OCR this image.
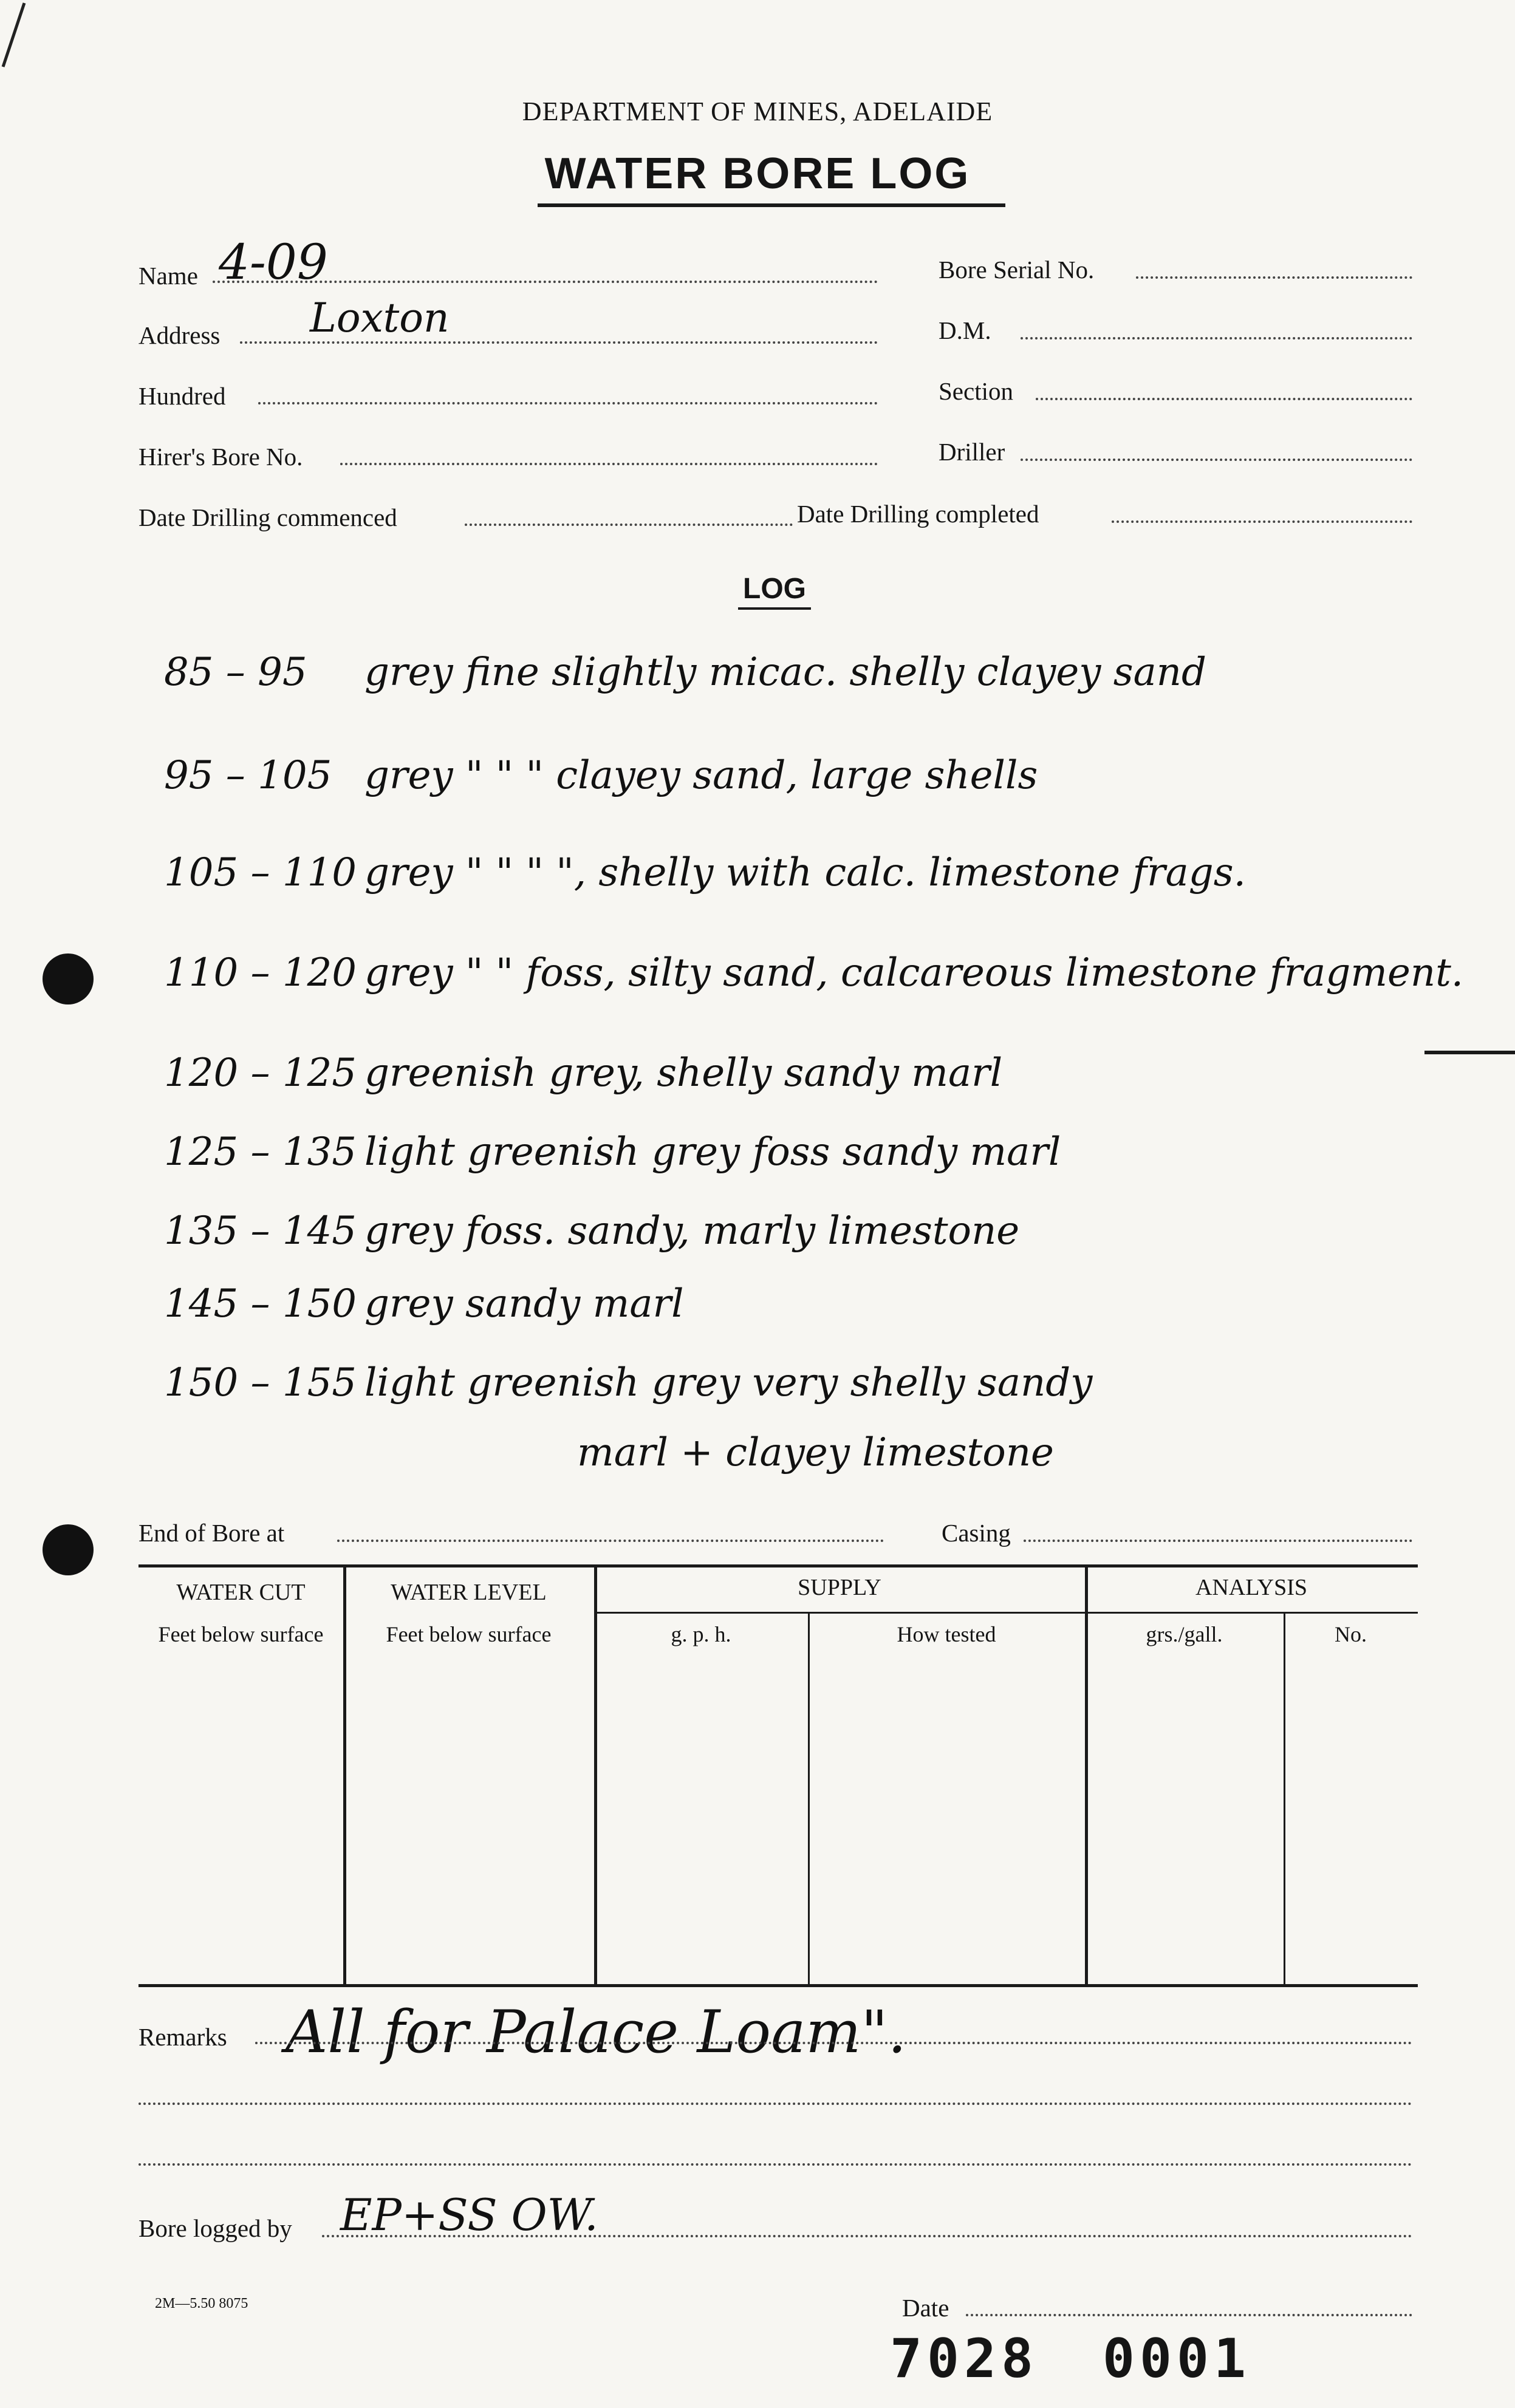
DEPARTMENT OF MINES, ADELAIDE
WATER BORE LOG
Name 4-09
Address Loxton
Hundred
Hirer's Bore No.
Date Drilling commenced
Bore Serial No.
D.M.
Section
Driller
Date Drilling completed
LOG
85 – 95 grey fine slightly micac. shelly clayey sand
95 – 105 grey " " " clayey sand, large shells
105 – 110 grey " " " ", shelly with calc. limestone frags.
110 – 120 grey " " foss, silty sand, calcareous limestone fragment.
120 – 125 greenish grey, shelly sandy marl
125 – 135 light greenish grey foss sandy marl
135 – 145 grey foss. sandy, marly limestone
145 – 150 grey sandy marl
150 – 155 light greenish grey very shelly sandy
marl + clayey limestone
End of Bore at	Casing
WATER CUT
Feet below surface
WATER LEVEL
Feet below surface
SUPPLY
g. p. h.	How tested
ANALYSIS
grs./gall.	No.
Remarks All for Palace Loam".
Bore logged by EP+SS OW.
2M—5.50 8075	Date
7028 0001
